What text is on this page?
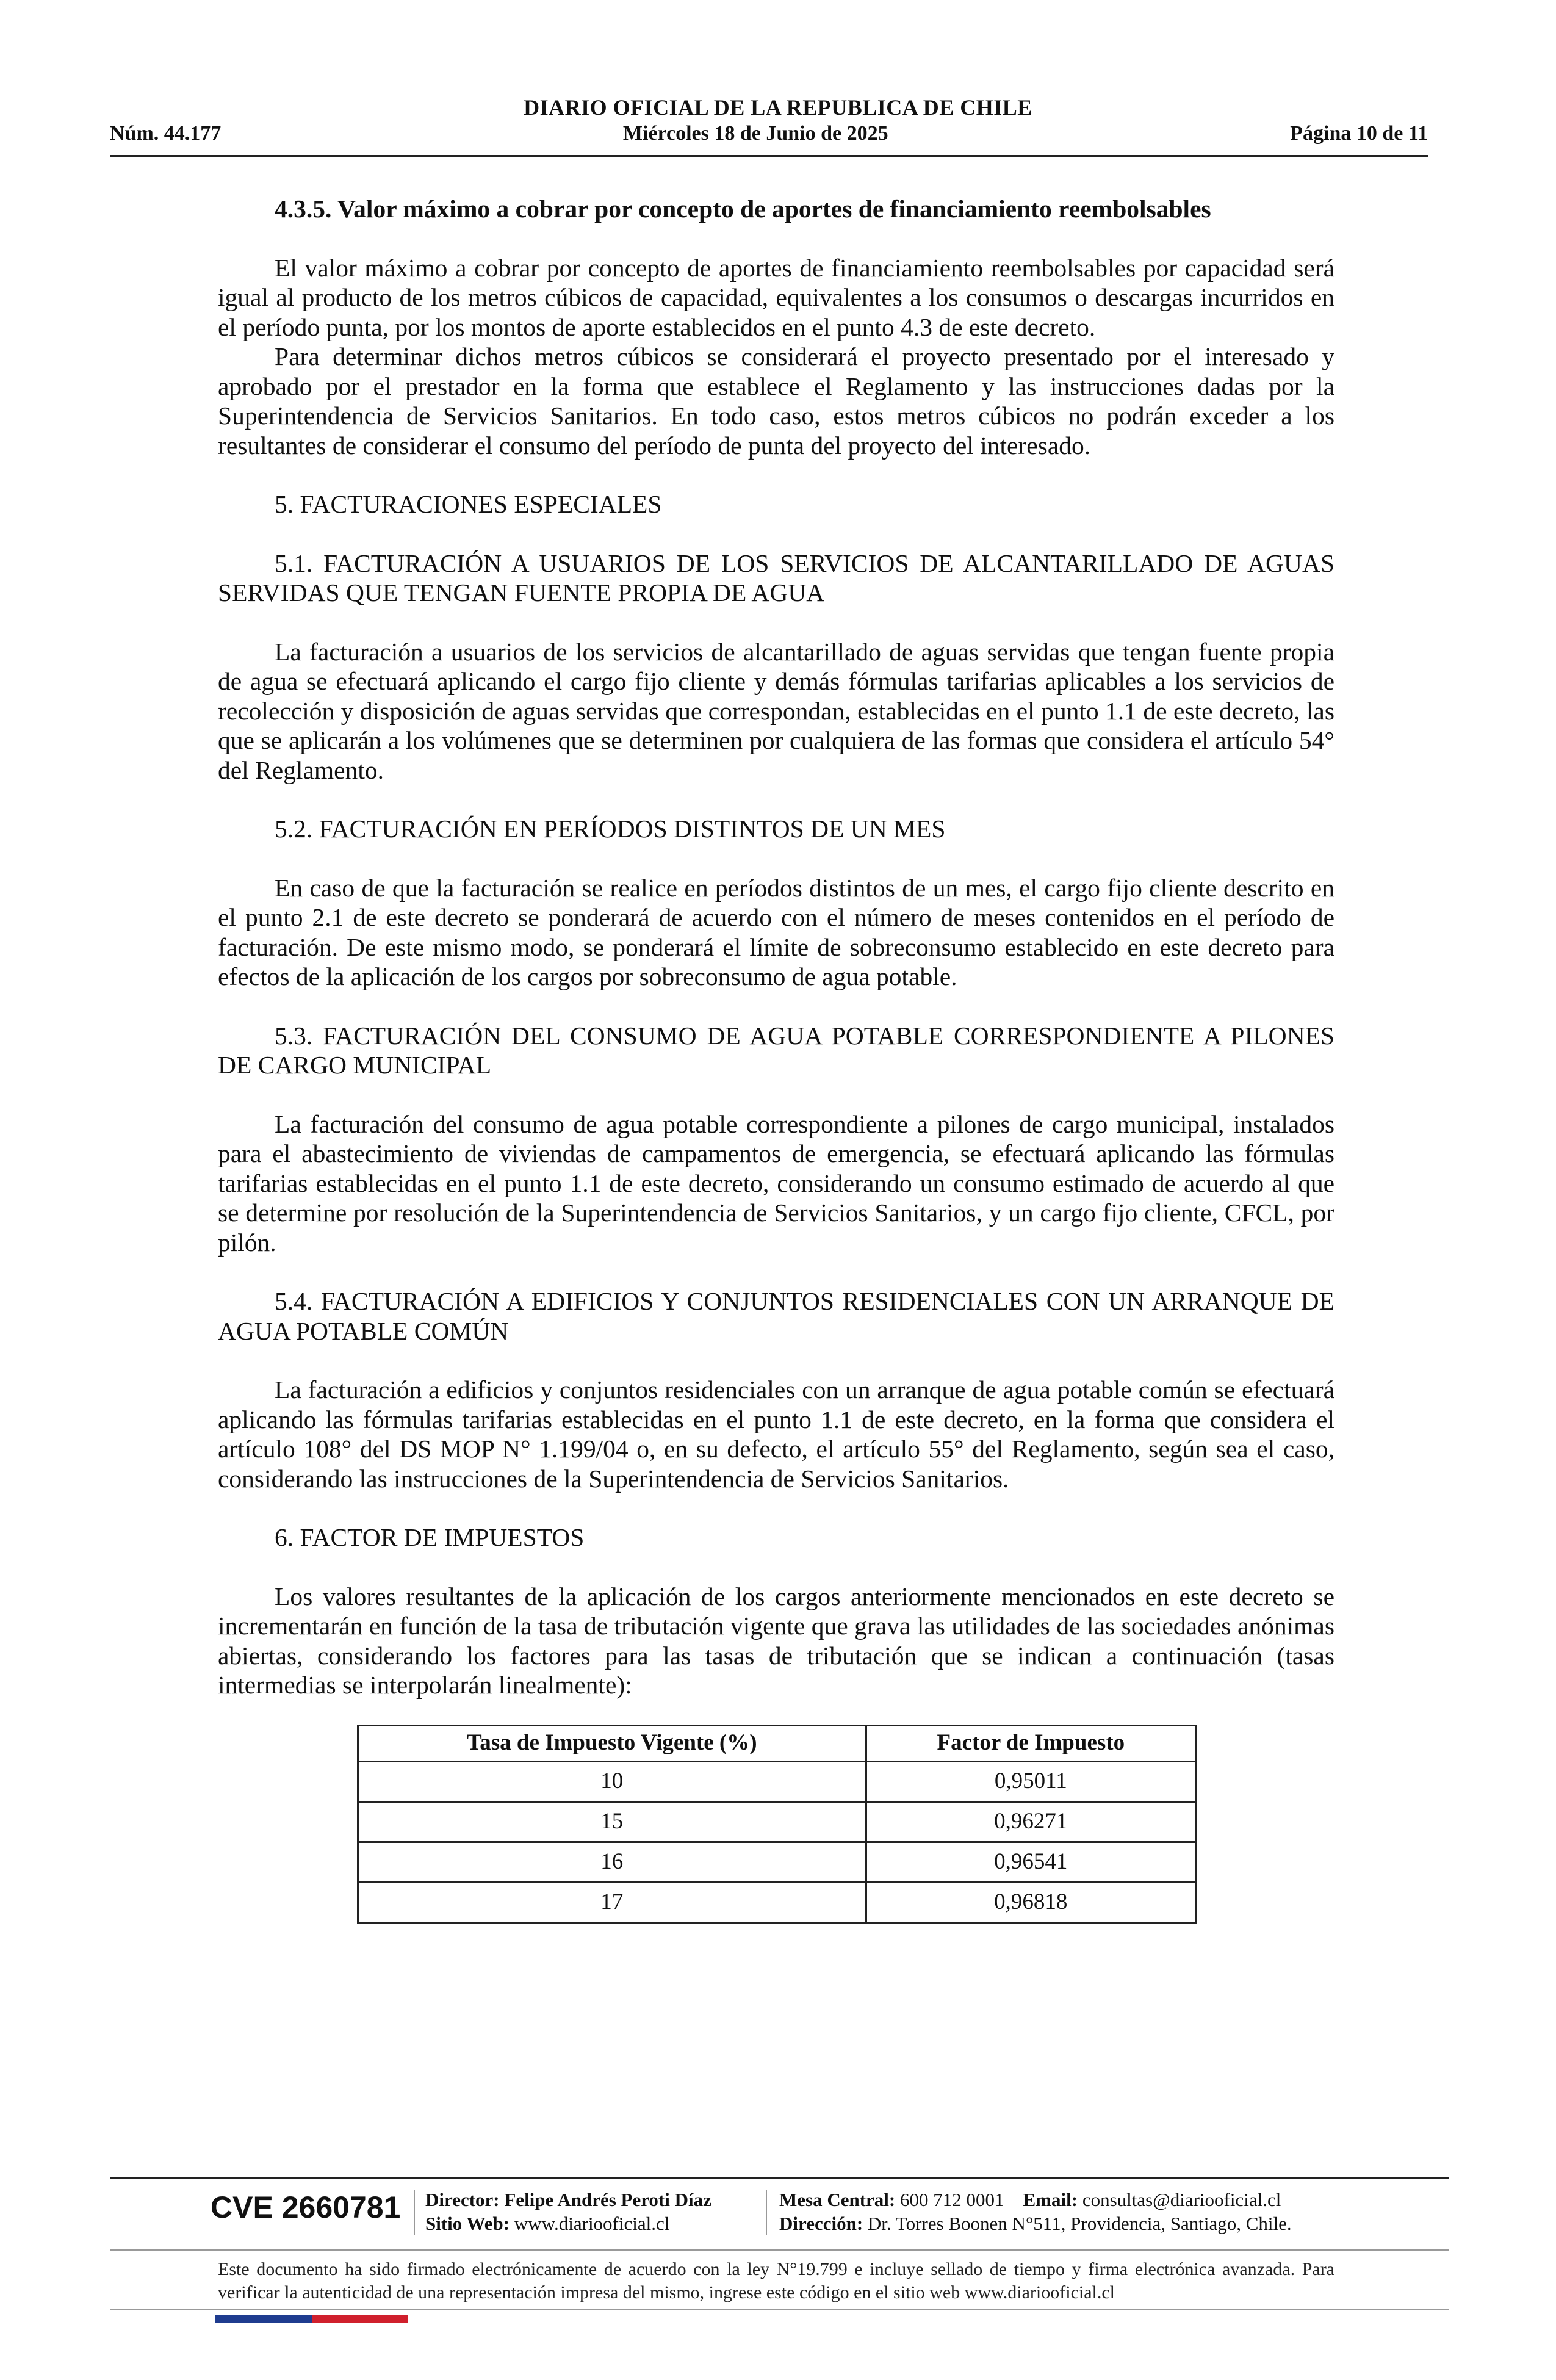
DIARIO OFICIAL DE LA REPUBLICA DE CHILE
Núm. 44.177	Miércoles 18 de Junio de 2025	Página 10 de 11

4.3.5. Valor máximo a cobrar por concepto de aportes de financiamiento reembolsables

El valor máximo a cobrar por concepto de aportes de financiamiento reembolsables por capacidad será igual al producto de los metros cúbicos de capacidad, equivalentes a los consumos o descargas incurridos en el período punta, por los montos de aporte establecidos en el punto 4.3 de este decreto.

Para determinar dichos metros cúbicos se considerará el proyecto presentado por el interesado y aprobado por el prestador en la forma que establece el Reglamento y las instrucciones dadas por la Superintendencia de Servicios Sanitarios. En todo caso, estos metros cúbicos no podrán exceder a los resultantes de considerar el consumo del período de punta del proyecto del interesado.

5. FACTURACIONES ESPECIALES

5.1. FACTURACIÓN A USUARIOS DE LOS SERVICIOS DE ALCANTARILLADO DE AGUAS SERVIDAS QUE TENGAN FUENTE PROPIA DE AGUA

La facturación a usuarios de los servicios de alcantarillado de aguas servidas que tengan fuente propia de agua se efectuará aplicando el cargo fijo cliente y demás fórmulas tarifarias aplicables a los servicios de recolección y disposición de aguas servidas que correspondan, establecidas en el punto 1.1 de este decreto, las que se aplicarán a los volúmenes que se determinen por cualquiera de las formas que considera el artículo 54° del Reglamento.

5.2. FACTURACIÓN EN PERÍODOS DISTINTOS DE UN MES

En caso de que la facturación se realice en períodos distintos de un mes, el cargo fijo cliente descrito en el punto 2.1 de este decreto se ponderará de acuerdo con el número de meses contenidos en el período de facturación. De este mismo modo, se ponderará el límite de sobreconsumo establecido en este decreto para efectos de la aplicación de los cargos por sobreconsumo de agua potable.

5.3. FACTURACIÓN DEL CONSUMO DE AGUA POTABLE CORRESPONDIENTE A PILONES DE CARGO MUNICIPAL

La facturación del consumo de agua potable correspondiente a pilones de cargo municipal, instalados para el abastecimiento de viviendas de campamentos de emergencia, se efectuará aplicando las fórmulas tarifarias establecidas en el punto 1.1 de este decreto, considerando un consumo estimado de acuerdo al que se determine por resolución de la Superintendencia de Servicios Sanitarios, y un cargo fijo cliente, CFCL, por pilón.

5.4. FACTURACIÓN A EDIFICIOS Y CONJUNTOS RESIDENCIALES CON UN ARRANQUE DE AGUA POTABLE COMÚN

La facturación a edificios y conjuntos residenciales con un arranque de agua potable común se efectuará aplicando las fórmulas tarifarias establecidas en el punto 1.1 de este decreto, en la forma que considera el artículo 108° del DS MOP N° 1.199/04 o, en su defecto, el artículo 55° del Reglamento, según sea el caso, considerando las instrucciones de la Superintendencia de Servicios Sanitarios.

6. FACTOR DE IMPUESTOS

Los valores resultantes de la aplicación de los cargos anteriormente mencionados en este decreto se incrementarán en función de la tasa de tributación vigente que grava las utilidades de las sociedades anónimas abiertas, considerando los factores para las tasas de tributación que se indican a continuación (tasas intermedias se interpolarán linealmente):

Tasa de Impuesto Vigente (%)	Factor de Impuesto
10	0,95011
15	0,96271
16	0,96541
17	0,96818
CVE 2660781 Director: Felipe Andrés Peroti Díaz
Sitio Web: www.diariooficial.cl
Mesa Central: 600 712 0001 Email: consultas@diariooficial.cl
Dirección: Dr. Torres Boonen N°511, Providencia, Santiago, Chile.
Este documento ha sido firmado electrónicamente de acuerdo con la ley N°19.799 e incluye sellado de tiempo y firma electrónica avanzada. Para verificar la autenticidad de una representación impresa del mismo, ingrese este código en el sitio web www.diariooficial.cl
